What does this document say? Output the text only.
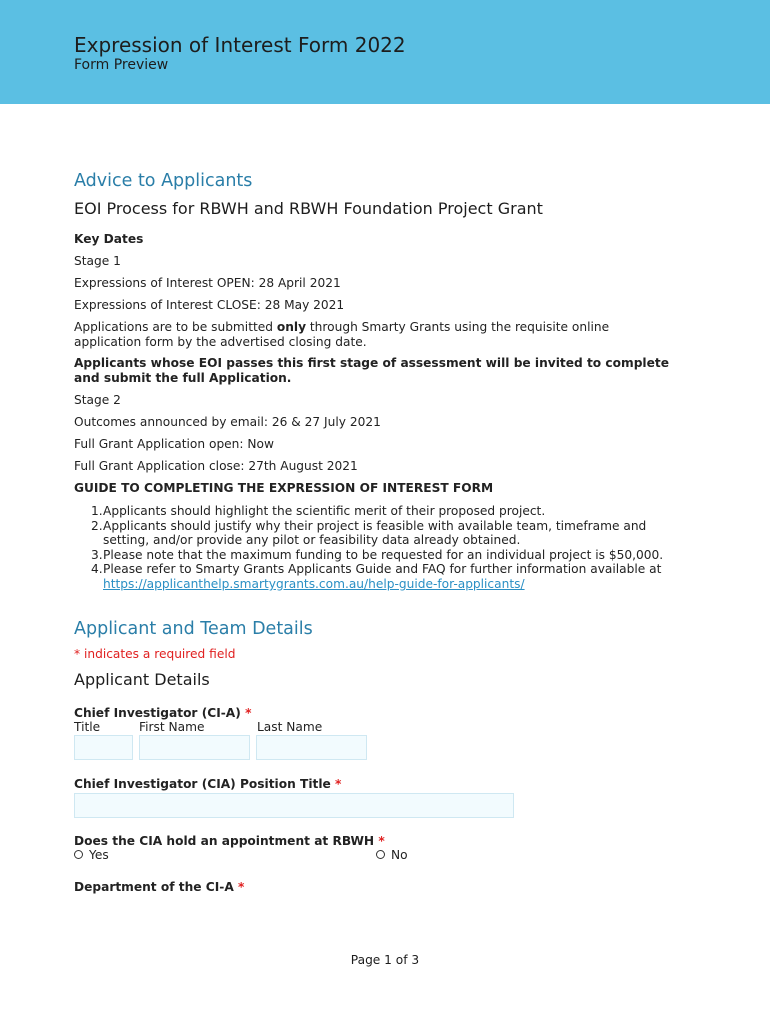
Expression of Interest Form 2022
Form Preview
Advice to Applicants
EOI Process for RBWH and RBWH Foundation Project Grant
Key Dates
Stage 1
Expressions of Interest OPEN: 28 April 2021
Expressions of Interest CLOSE: 28 May 2021
Applications are to be submitted only through Smarty Grants using the requisite online application form by the advertised closing date.
Applicants whose EOI passes this first stage of assessment will be invited to complete and submit the full Application.
Stage 2
Outcomes announced by email: 26 & 27 July 2021
Full Grant Application open: Now
Full Grant Application close: 27th August 2021
GUIDE TO COMPLETING THE EXPRESSION OF INTEREST FORM
1. Applicants should highlight the scientific merit of their proposed project.
2. Applicants should justify why their project is feasible with available team, timeframe and setting, and/or provide any pilot or feasibility data already obtained.
3. Please note that the maximum funding to be requested for an individual project is $50,000.
4. Please refer to Smarty Grants Applicants Guide and FAQ for further information available at https://applicanthelp.smartygrants.com.au/help-guide-for-applicants/
Applicant and Team Details
* indicates a required field
Applicant Details
Chief Investigator (CI-A) *
Title	First Name	Last Name
Chief Investigator (CIA) Position Title *
Does the CIA hold an appointment at RBWH *
Yes	No
Department of the CI-A *
Page 1 of 3
